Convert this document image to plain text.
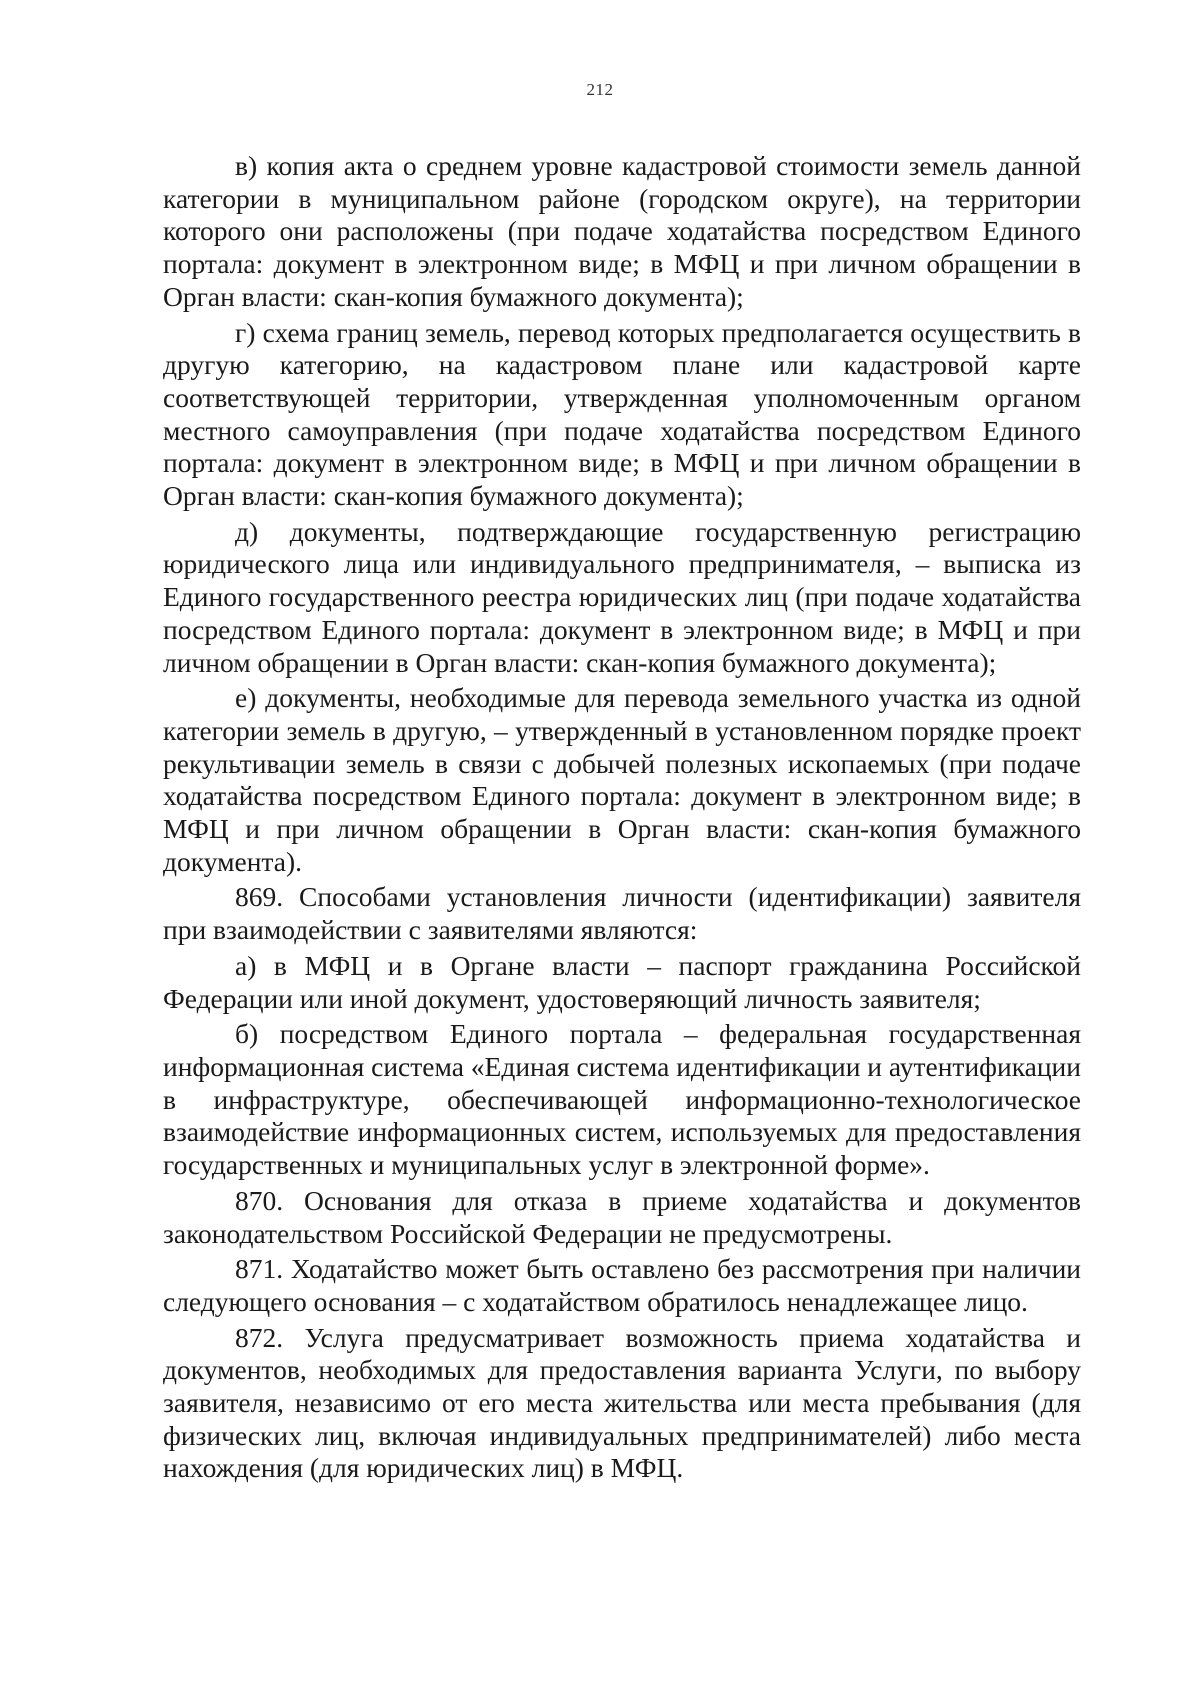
212

в) копия акта о среднем уровне кадастровой стоимости земель данной категории в муниципальном районе (городском округе), на территории которого они расположены (при подаче ходатайства посредством Единого портала: документ в электронном виде; в МФЦ и при личном обращении в Орган власти: скан-копия бумажного документа);

г) схема границ земель, перевод которых предполагается осуществить в другую категорию, на кадастровом плане или кадастровой карте соответствующей территории, утвержденная уполномоченным органом местного самоуправления (при подаче ходатайства посредством Единого портала: документ в электронном виде; в МФЦ и при личном обращении в Орган власти: скан-копия бумажного документа);

д) документы, подтверждающие государственную регистрацию юридического лица или индивидуального предпринимателя, – выписка из Единого государственного реестра юридических лиц (при подаче ходатайства посредством Единого портала: документ в электронном виде; в МФЦ и при личном обращении в Орган власти: скан-копия бумажного документа);

е) документы, необходимые для перевода земельного участка из одной категории земель в другую, – утвержденный в установленном порядке проект рекультивации земель в связи с добычей полезных ископаемых (при подаче ходатайства посредством Единого портала: документ в электронном виде; в МФЦ и при личном обращении в Орган власти: скан-копия бумажного документа).

869. Способами установления личности (идентификации) заявителя при взаимодействии с заявителями являются:

а) в МФЦ и в Органе власти – паспорт гражданина Российской Федерации или иной документ, удостоверяющий личность заявителя;

б) посредством Единого портала – федеральная государственная информационная система «Единая система идентификации и аутентификации в инфраструктуре, обеспечивающей информационно-технологическое взаимодействие информационных систем, используемых для предоставления государственных и муниципальных услуг в электронной форме».

870. Основания для отказа в приеме ходатайства и документов законодательством Российской Федерации не предусмотрены.

871. Ходатайство может быть оставлено без рассмотрения при наличии следующего основания – с ходатайством обратилось ненадлежащее лицо.

872. Услуга предусматривает возможность приема ходатайства и документов, необходимых для предоставления варианта Услуги, по выбору заявителя, независимо от его места жительства или места пребывания (для физических лиц, включая индивидуальных предпринимателей) либо места нахождения (для юридических лиц) в МФЦ.
